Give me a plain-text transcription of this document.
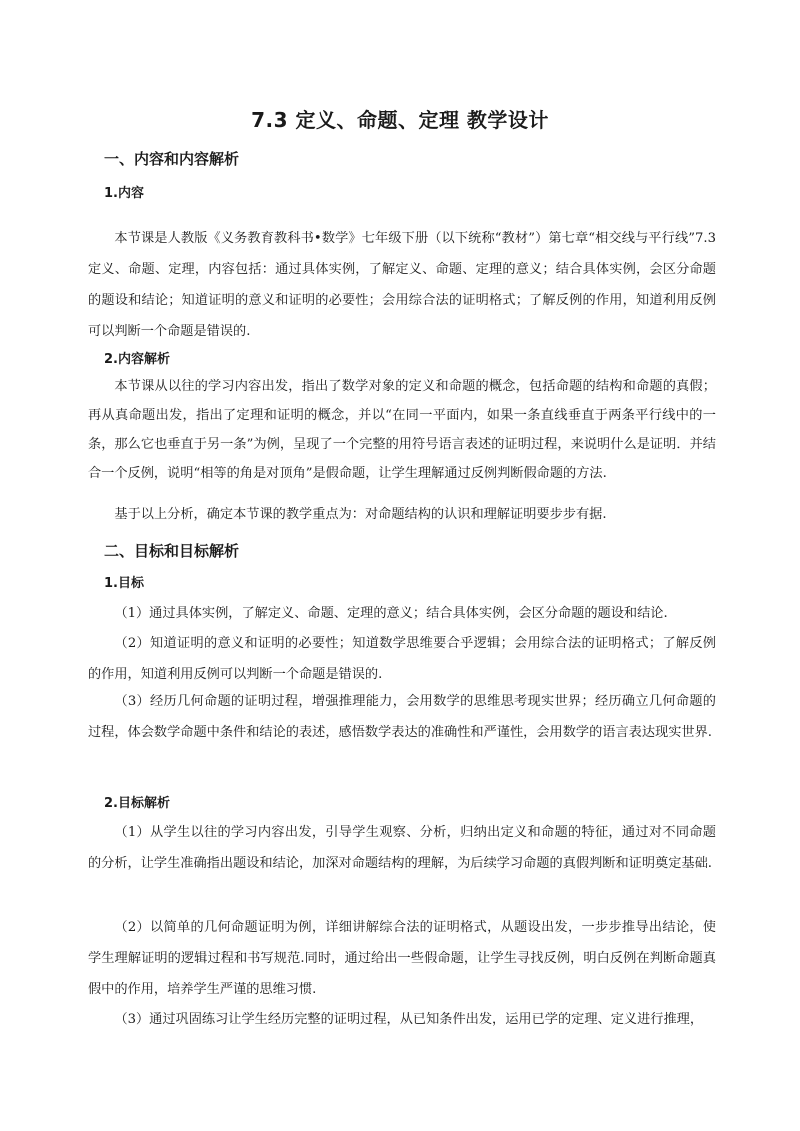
7.3 定义、命题、定理 教学设计
一、内容和内容解析
1.内容

本节课是人教版《义务教育教科书•数学》七年级下册（以下统称“教材”）第七章“相交线与平行线”7.3定义、命题、定理，内容包括：通过具体实例，了解定义、命题、定理的意义；结合具体实例，会区分命题的题设和结论；知道证明的意义和证明的必要性；会用综合法的证明格式；了解反例的作用，知道利用反例可以判断一个命题是错误的.

2.内容解析

本节课从以往的学习内容出发，指出了数学对象的定义和命题的概念，包括命题的结构和命题的真假；再从真命题出发，指出了定理和证明的概念，并以“在同一平面内，如果一条直线垂直于两条平行线中的一条，那么它也垂直于另一条”为例，呈现了一个完整的用符号语言表述的证明过程，来说明什么是证明．并结合一个反例，说明“相等的角是对顶角”是假命题，让学生理解通过反例判断假命题的方法.

基于以上分析，确定本节课的教学重点为：对命题结构的认识和理解证明要步步有据.

二、目标和目标解析
1.目标

（1）通过具体实例，了解定义、命题、定理的意义；结合具体实例，会区分命题的题设和结论.

（2）知道证明的意义和证明的必要性；知道数学思维要合乎逻辑；会用综合法的证明格式；了解反例的作用，知道利用反例可以判断一个命题是错误的.

（3）经历几何命题的证明过程，增强推理能力，会用数学的思维思考现实世界；经历确立几何命题的过程，体会数学命题中条件和结论的表述，感悟数学表达的准确性和严谨性，会用数学的语言表达现实世界.

2.目标解析

（1）从学生以往的学习内容出发，引导学生观察、分析，归纳出定义和命题的特征，通过对不同命题的分析，让学生准确指出题设和结论，加深对命题结构的理解，为后续学习命题的真假判断和证明奠定基础.

（2）以简单的几何命题证明为例，详细讲解综合法的证明格式，从题设出发，一步步推导出结论，使学生理解证明的逻辑过程和书写规范.同时，通过给出一些假命题，让学生寻找反例，明白反例在判断命题真假中的作用，培养学生严谨的思维习惯.

（3）通过巩固练习让学生经历完整的证明过程，从已知条件出发，运用已学的定理、定义进行推理，
